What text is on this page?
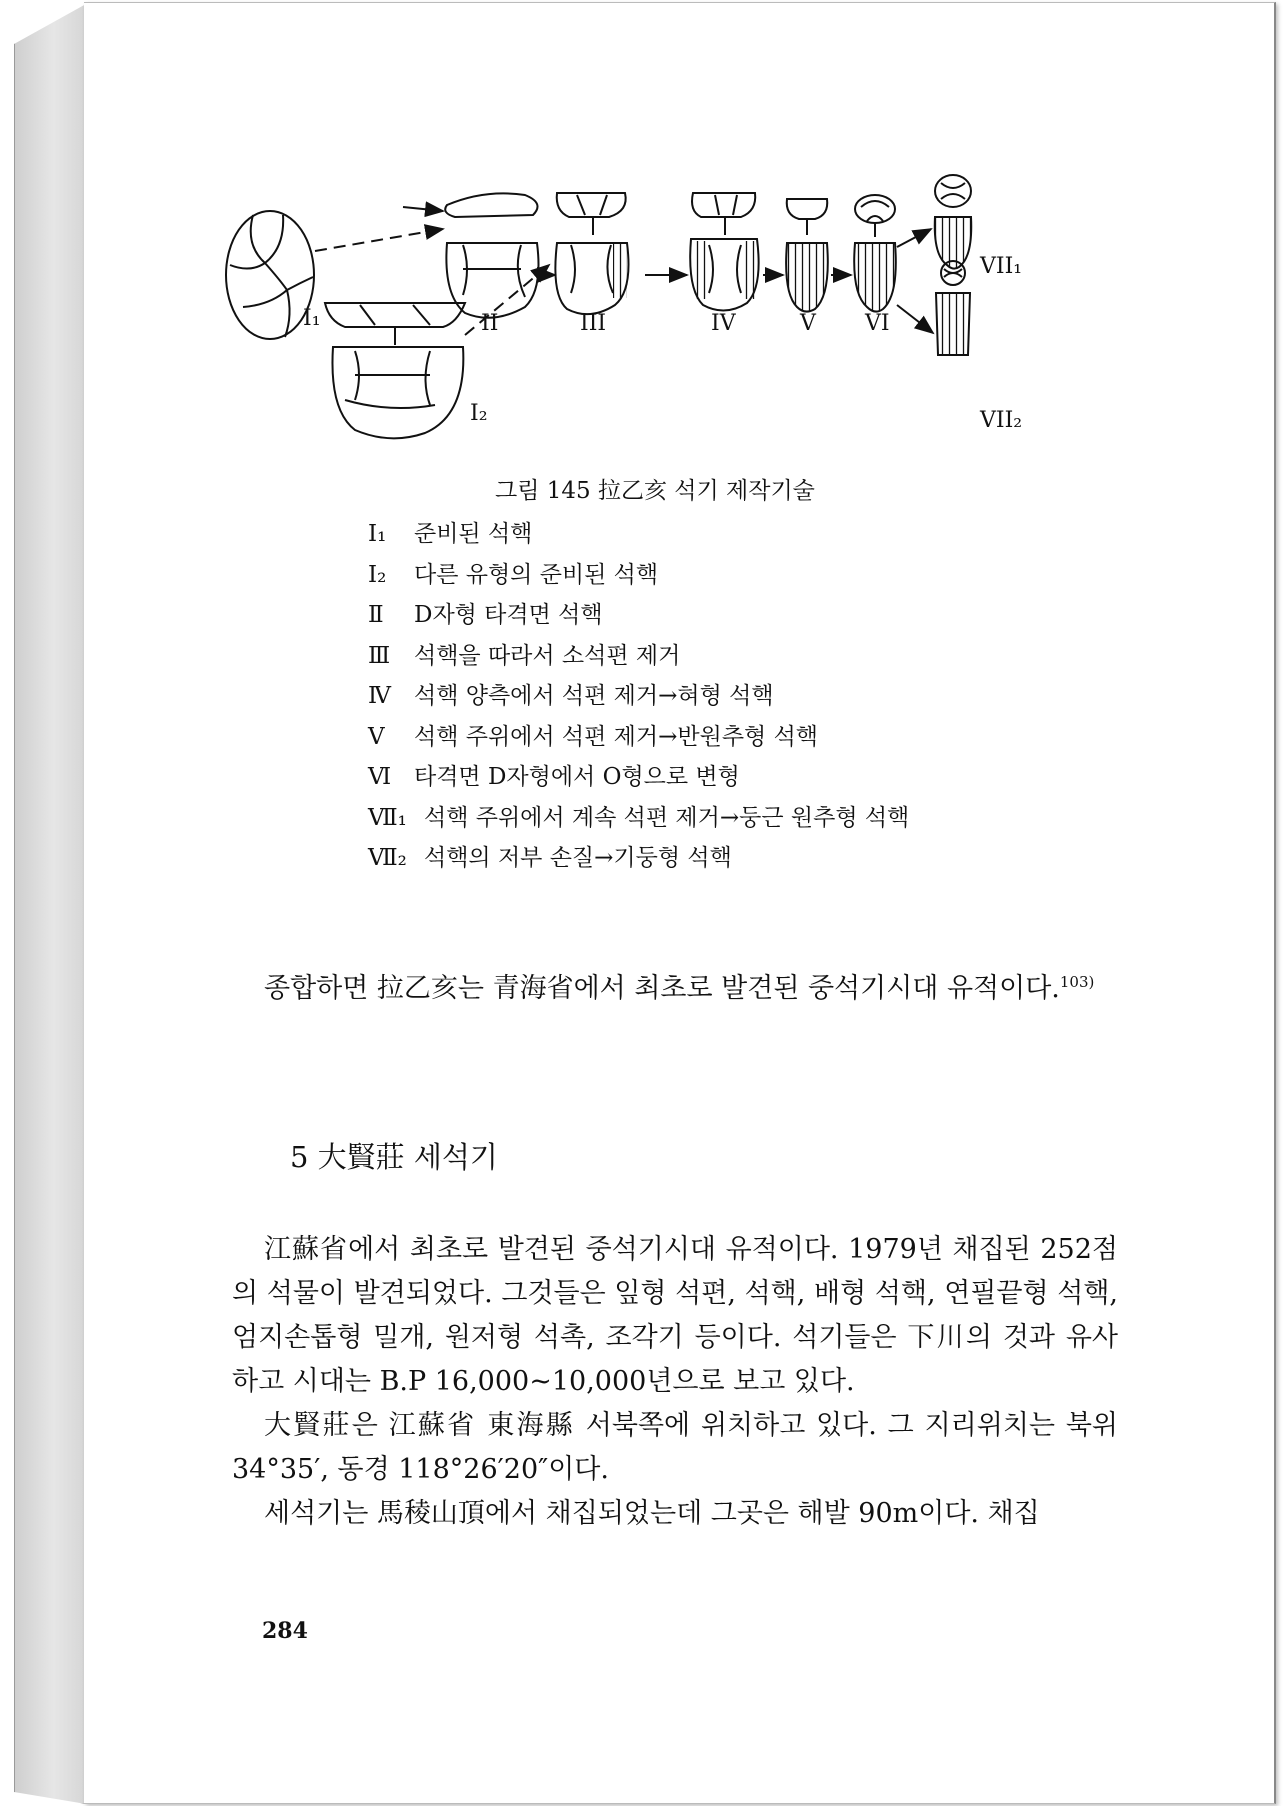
I₁
I₂
II	III	IV	V VI
VII₁
VII₂
그림 145 拉乙亥 석기 제작기술
I₁	준비된 석핵
I₂	다른 유형의 준비된 석핵
Ⅱ	D자형 타격면 석핵
Ⅲ	석핵을 따라서 소석편 제거
Ⅳ	석핵 양측에서 석편 제거→혀형 석핵
Ⅴ	석핵 주위에서 석편 제거→반원추형 석핵
Ⅵ 타격면 D자형에서 O형으로 변형
Ⅶ₁ 석핵 주위에서 계속 석편 제거→둥근 원추형 석핵
Ⅶ₂ 석핵의 저부 손질→기둥형 석핵
종합하면 拉乙亥는 青海省에서 최초로 발견된 중석기시대 유적이다.$^{103)}$
5 大賢莊 세석기

江蘇省에서 최초로 발견된 중석기시대 유적이다. 1979년 채집된 252점의 석물이 발견되었다. 그것들은 잎형 석편, 석핵, 배형 석핵, 연필끝형 석핵, 엄지손톱형 밀개, 원저형 석촉, 조각기 등이다. 석기들은 下川의 것과 유사하고 시대는 B.P 16,000~10,000년으로 보고 있다.

大賢莊은 江蘇省 東海縣 서북쪽에 위치하고 있다. 그 지리위치는 북위 34°35′, 동경 118°26′20″이다.

세석기는 馬稜山頂에서 채집되었는데 그곳은 해발 90m이다. 채집

284
